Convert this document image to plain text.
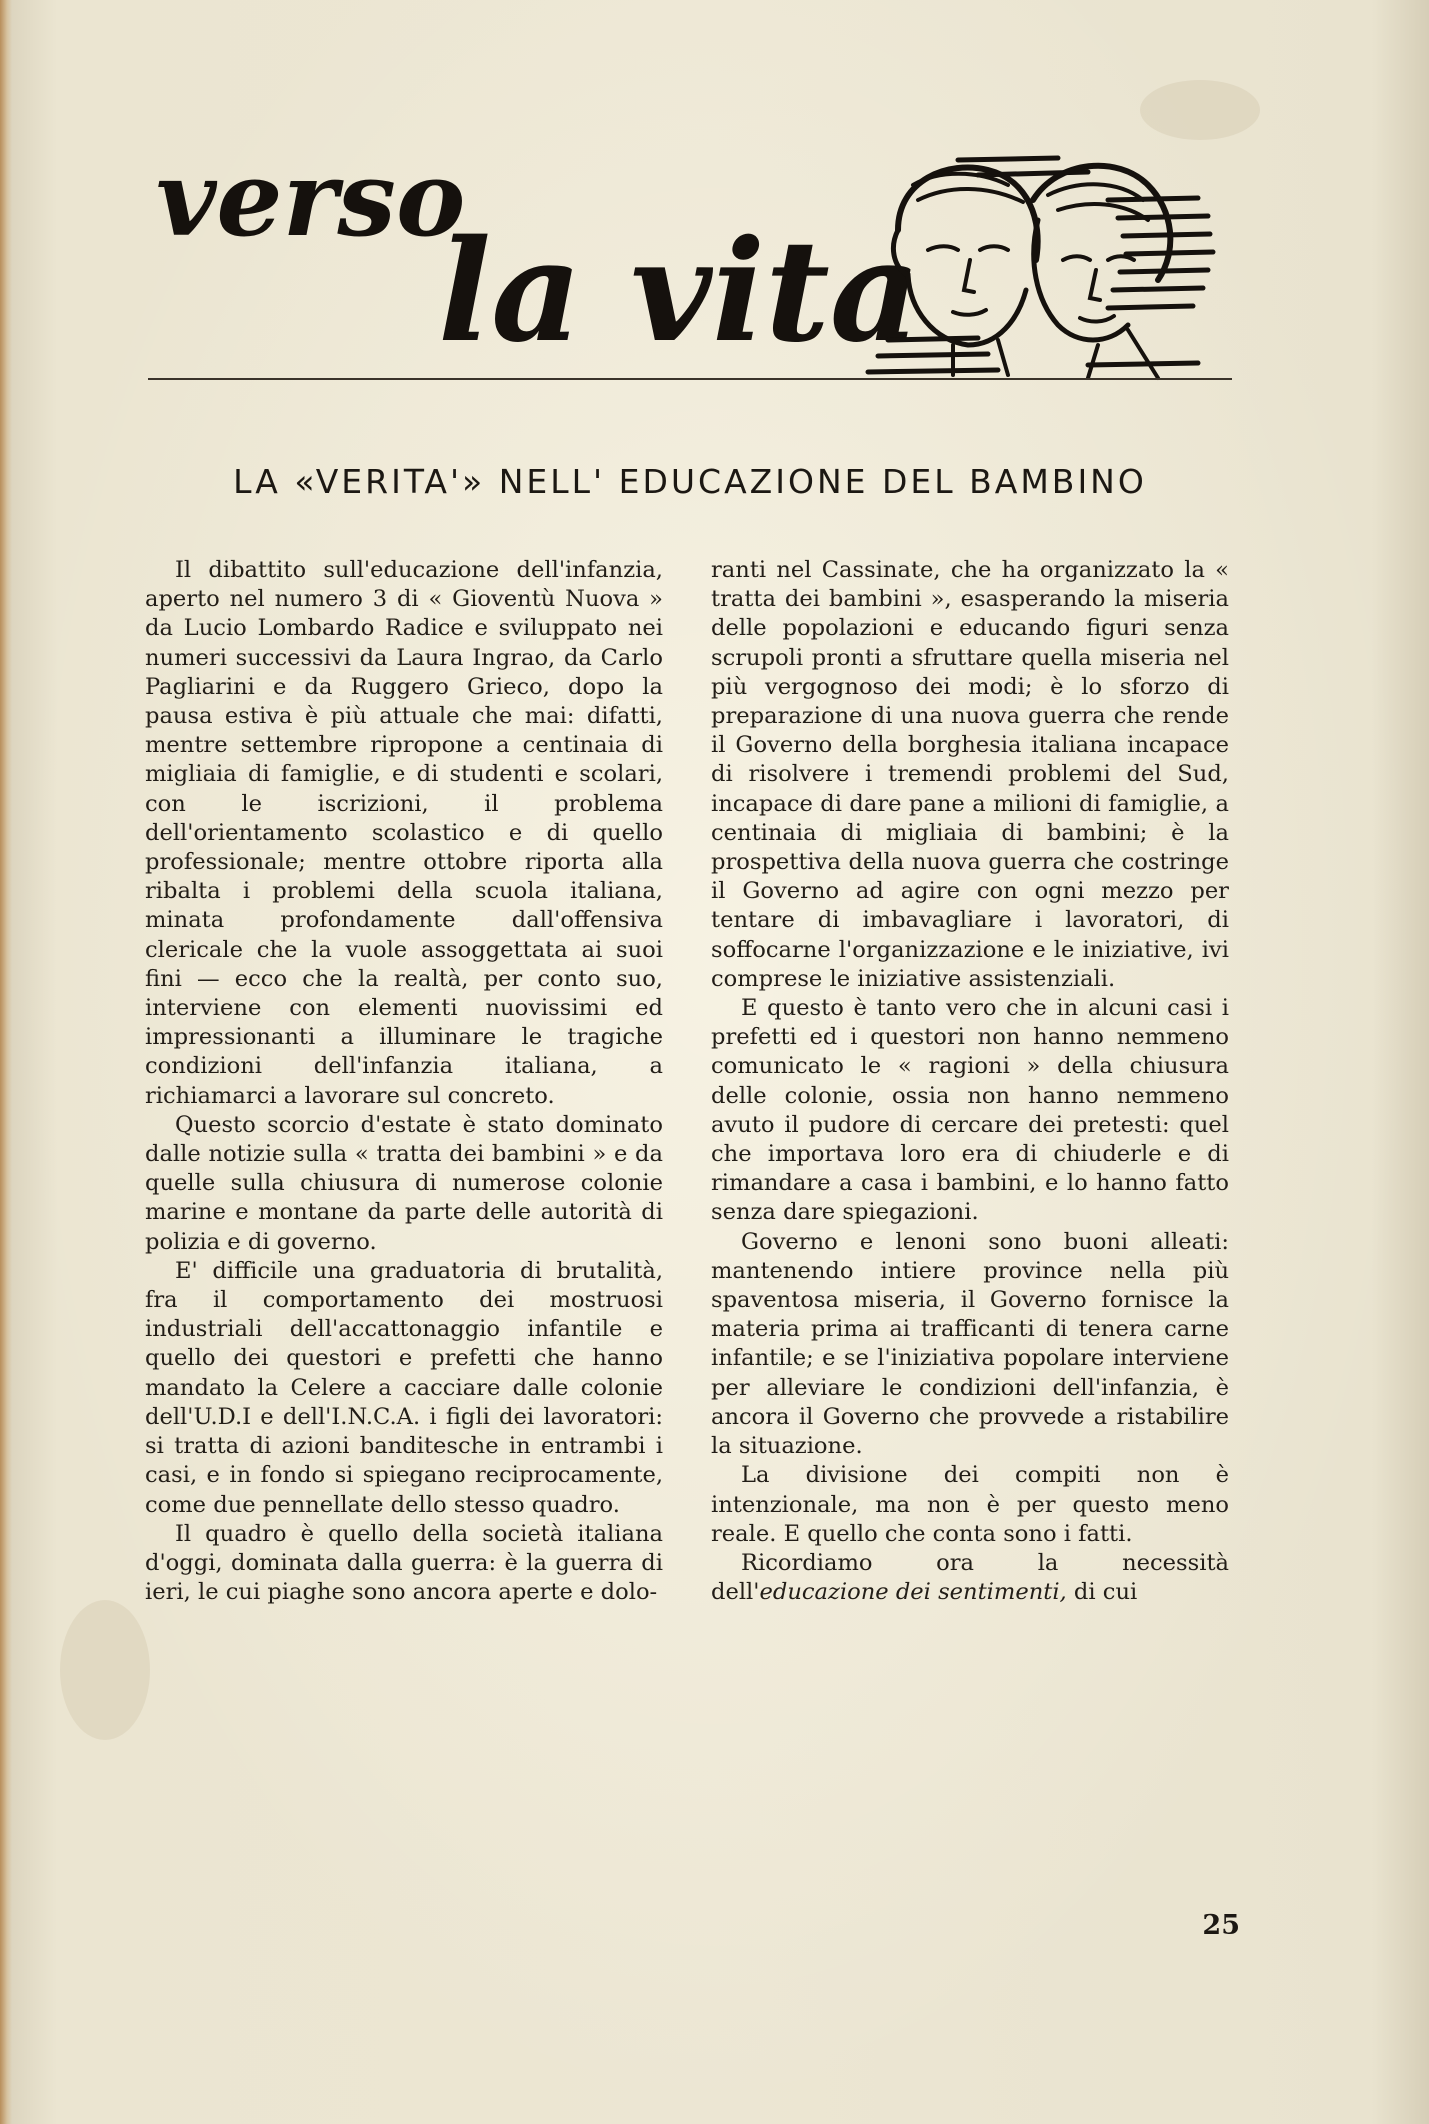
verso
la vita
LA «VERITA'» NELL' EDUCAZIONE DEL BAMBINO

Il dibattito sull'educazione dell'infanzia, aperto nel numero 3 di « Gioventù Nuova » da Lucio Lombardo Radice e sviluppato nei numeri successivi da Laura Ingrao, da Carlo Pagliarini e da Ruggero Grieco, dopo la pausa estiva è più attuale che mai: difatti, mentre settembre ripropone a centinaia di migliaia di famiglie, e di studenti e scolari, con le iscrizioni, il problema dell'orientamento scolastico e di quello professionale; mentre ottobre riporta alla ribalta i problemi della scuola italiana, minata profondamente dall'offensiva clericale che la vuole assoggettata ai suoi fini — ecco che la realtà, per conto suo, interviene con elementi nuovissimi ed impressionanti a illuminare le tragiche condizioni dell'infanzia italiana, a richiamarci a lavorare sul concreto.

Questo scorcio d'estate è stato dominato dalle notizie sulla « tratta dei bambini » e da quelle sulla chiusura di numerose colonie marine e montane da parte delle autorità di polizia e di governo.

E' difficile una graduatoria di brutalità, fra il comportamento dei mostruosi industriali dell'accattonaggio infantile e quello dei questori e prefetti che hanno mandato la Celere a cacciare dalle colonie dell'U.D.I e dell'I.N.C.A. i figli dei lavoratori: si tratta di azioni banditesche in entrambi i casi, e in fondo si spiegano reciprocamente, come due pennellate dello stesso quadro.

Il quadro è quello della società italiana d'oggi, dominata dalla guerra: è la guerra di ieri, le cui piaghe sono ancora aperte e dolo-

ranti nel Cassinate, che ha organizzato la « tratta dei bambini », esasperando la miseria delle popolazioni e educando figuri senza scrupoli pronti a sfruttare quella miseria nel più vergognoso dei modi; è lo sforzo di preparazione di una nuova guerra che rende il Governo della borghesia italiana incapace di risolvere i tremendi problemi del Sud, incapace di dare pane a milioni di famiglie, a centinaia di migliaia di bambini; è la prospettiva della nuova guerra che costringe il Governo ad agire con ogni mezzo per tentare di imbavagliare i lavoratori, di soffocarne l'organizzazione e le iniziative, ivi comprese le iniziative assistenziali.

E questo è tanto vero che in alcuni casi i prefetti ed i questori non hanno nemmeno comunicato le « ragioni » della chiusura delle colonie, ossia non hanno nemmeno avuto il pudore di cercare dei pretesti: quel che importava loro era di chiuderle e di rimandare a casa i bambini, e lo hanno fatto senza dare spiegazioni.

Governo e lenoni sono buoni alleati: mantenendo intiere province nella più spaventosa miseria, il Governo fornisce la materia prima ai trafficanti di tenera carne infantile; e se l'iniziativa popolare interviene per alleviare le condizioni dell'infanzia, è ancora il Governo che provvede a ristabilire la situazione.

La divisione dei compiti non è intenzionale, ma non è per questo meno reale. E quello che conta sono i fatti.

Ricordiamo ora la necessità dell'educazione dei sentimenti, di cui

25
